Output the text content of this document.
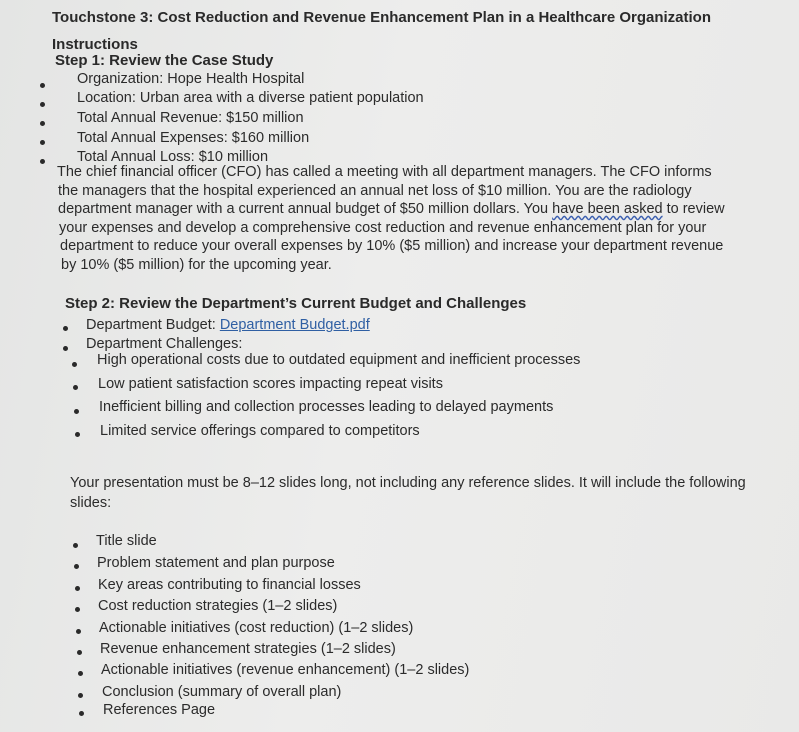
Touchstone 3: Cost Reduction and Revenue Enhancement Plan in a Healthcare Organization
Instructions
Step 1: Review the Case Study
Organization: Hope Health Hospital
Location: Urban area with a diverse patient population
Total Annual Revenue: $150 million
Total Annual Expenses: $160 million
Total Annual Loss: $10 million
The chief financial officer (CFO) has called a meeting with all department managers. The CFO informs
the managers that the hospital experienced an annual net loss of $10 million. You are the radiology
department manager with a current annual budget of $50 million dollars. You have been asked to review
your expenses and develop a comprehensive cost reduction and revenue enhancement plan for your
department to reduce your overall expenses by 10% ($5 million) and increase your department revenue
by 10% ($5 million) for the upcoming year.
Step 2: Review the Department’s Current Budget and Challenges
Department Budget: Department Budget.pdf
Department Challenges:
High operational costs due to outdated equipment and inefficient processes
Low patient satisfaction scores impacting repeat visits
Inefficient billing and collection processes leading to delayed payments
Limited service offerings compared to competitors
Your presentation must be 8–12 slides long, not including any reference slides. It will include the following
slides:
Title slide
Problem statement and plan purpose
Key areas contributing to financial losses
Cost reduction strategies (1–2 slides)
Actionable initiatives (cost reduction) (1–2 slides)
Revenue enhancement strategies (1–2 slides)
Actionable initiatives (revenue enhancement) (1–2 slides)
Conclusion (summary of overall plan)
References Page
